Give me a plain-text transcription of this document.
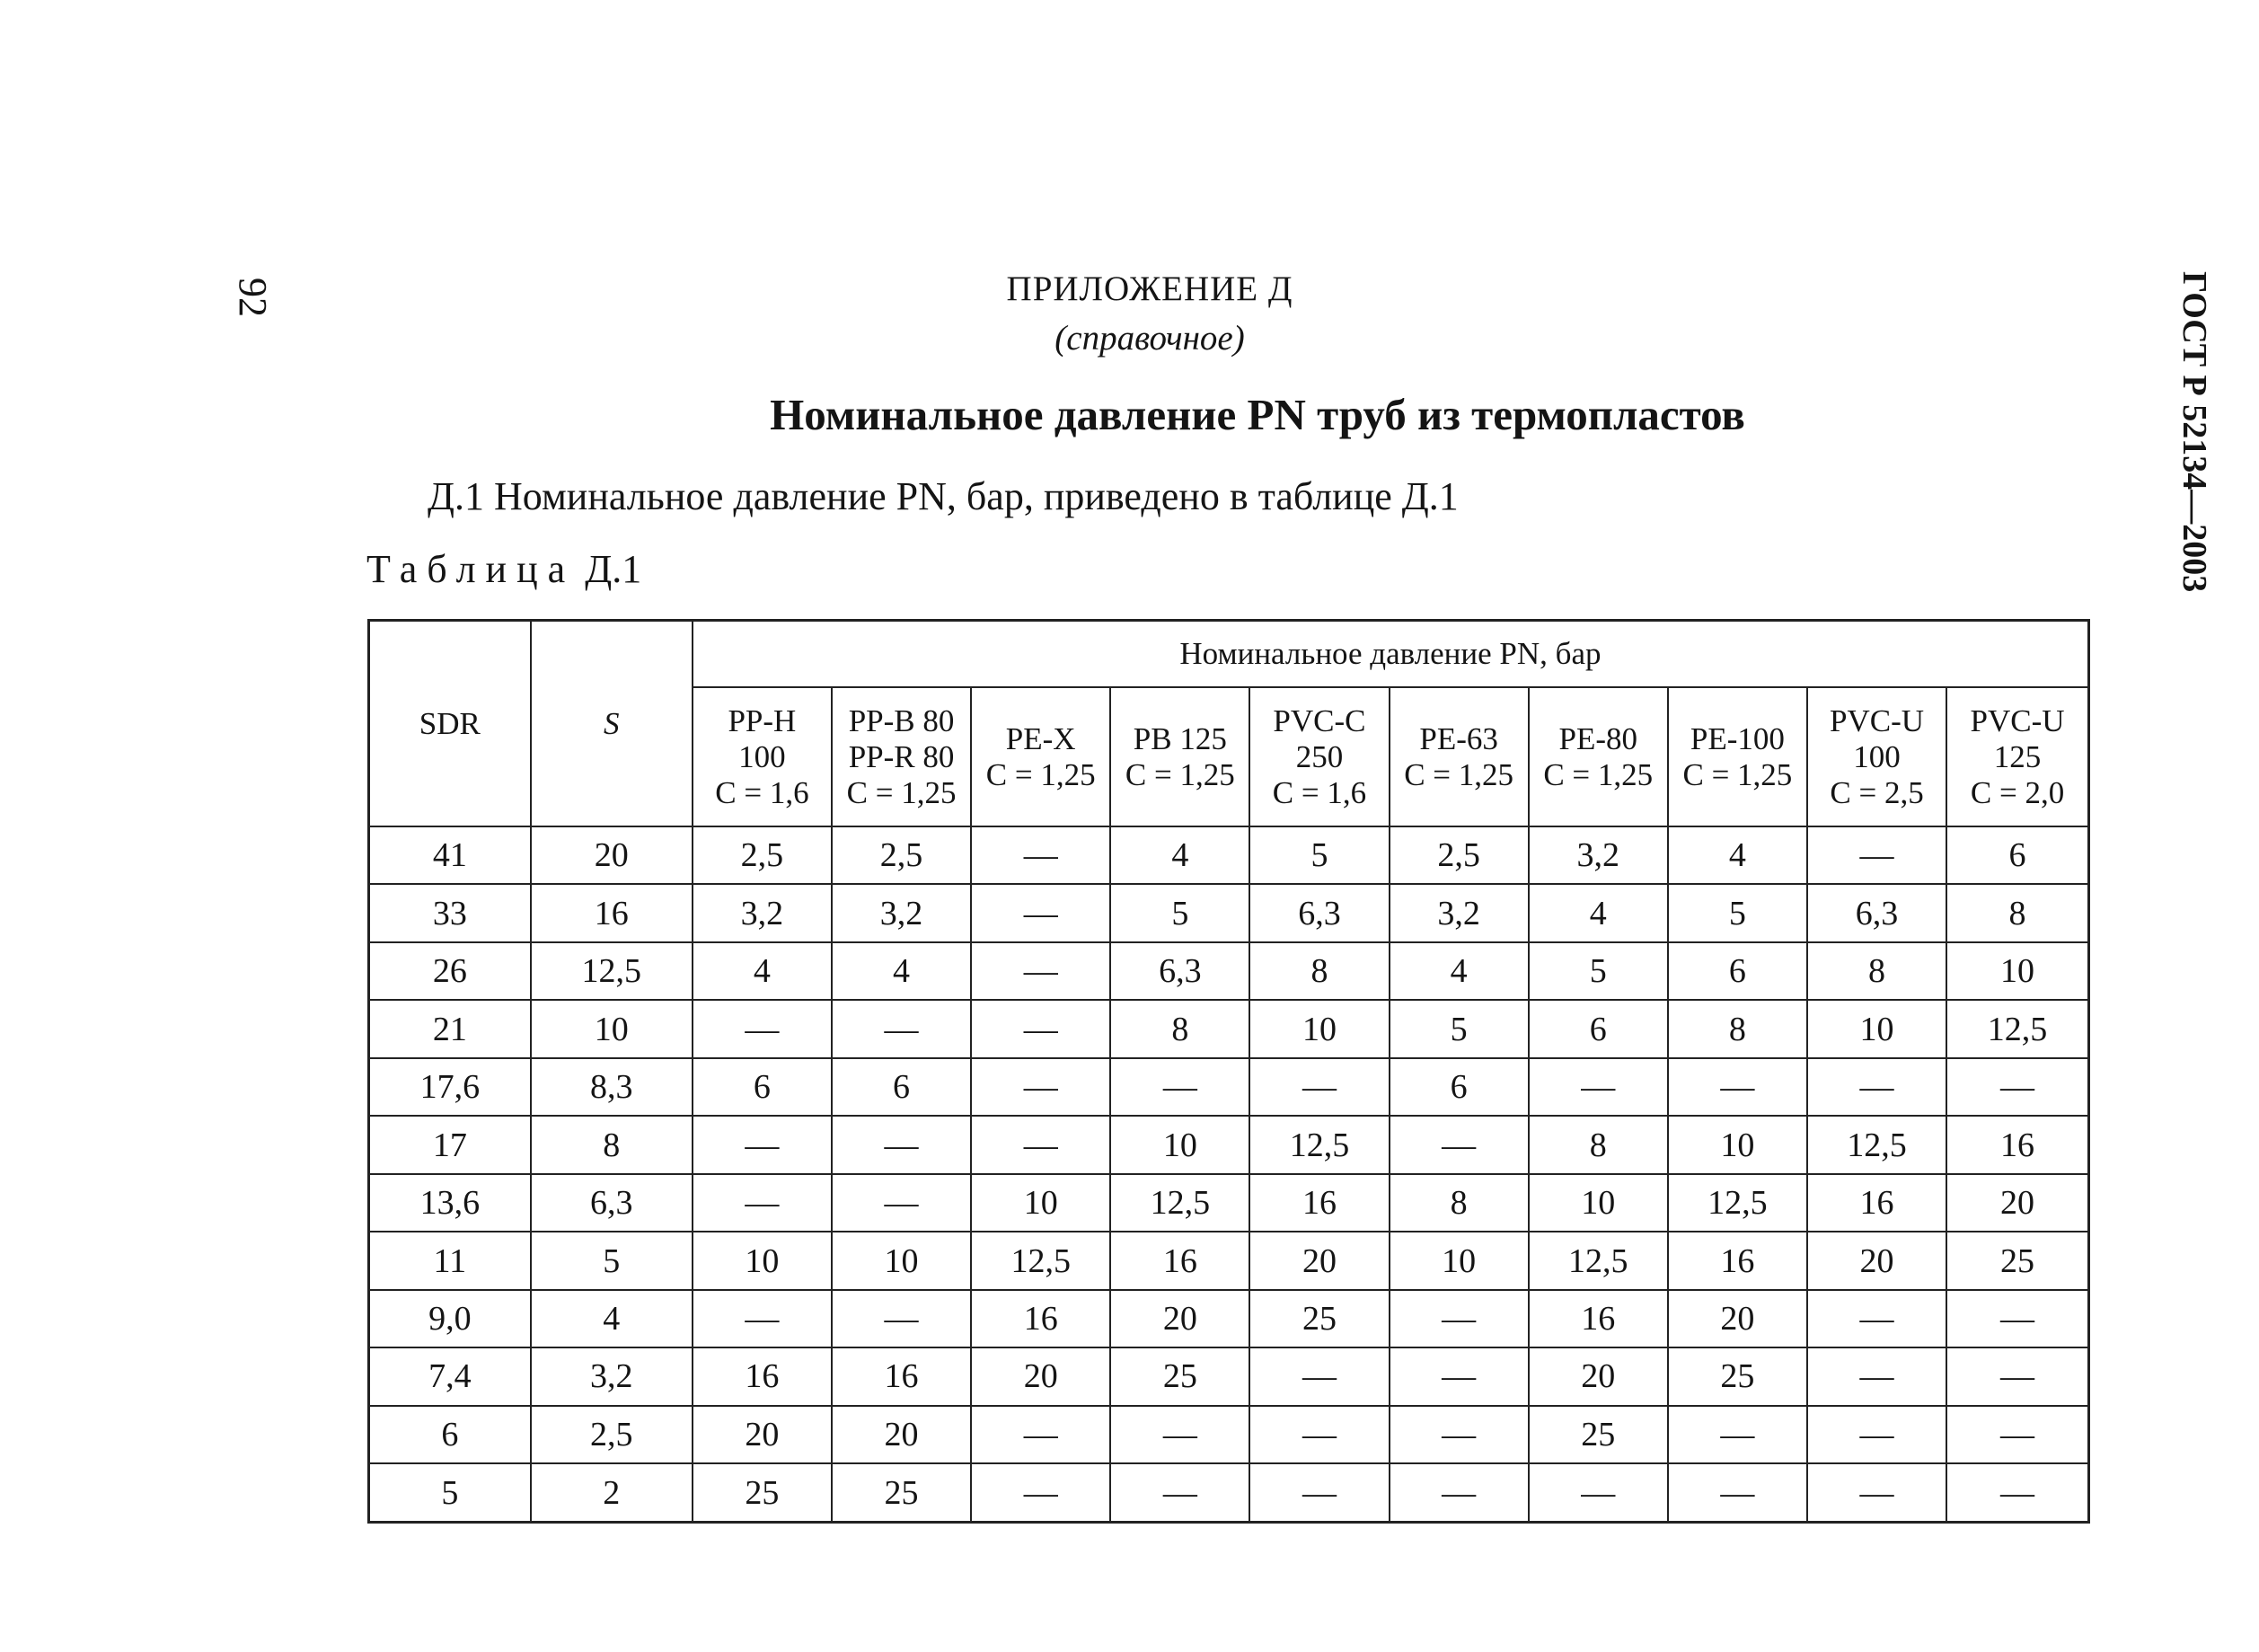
92	ГОСТ Р 52134—2003
ПРИЛОЖЕНИЕ Д
(справочное)
Номинальное давление PN труб из термопластов
Д.1 Номинальное давление PN, бар, приведено в таблице Д.1
Таблица Д.1
SDR	S	Номинальное давление PN, бар									

		PP-H
100
C = 1,6	PP-B 80
PP-R 80
C = 1,25	PE-X
C = 1,25	PB 125
C = 1,25	PVC-C
250
C = 1,6	PE-63
C = 1,25	PE-80
C = 1,25	PE-100
C = 1,25	PVC-U
100
C = 2,5	PVC-U
125
C = 2,0

41	20	2,5	2,5	—	4	5	2,5	3,2	4	—	6
33	16	3,2	3,2	—	5	6,3	3,2	4	5	6,3	8
26	12,5	4	4	—	6,3	8	4	5	6	8	10
21	10	—	—	—	8	10	5	6	8	10	12,5
17,6	8,3	6	6	—	—	—	6	—	—	—	—
17	8	—	—	—	10	12,5	—	8	10	12,5	16
13,6	6,3	—	—	10	12,5	16	8	10	12,5	16	20
11	5	10	10	12,5	16	20	10	12,5	16	20	25
9,0	4	—	—	16	20	25	—	16	20	—	—
7,4	3,2	16	16	20	25	—	—	20	25	—	—
6	2,5	20	20	—	—	—	—	25	—	—	—
5	2	25	25	—	—	—	—	—	—	—	—
